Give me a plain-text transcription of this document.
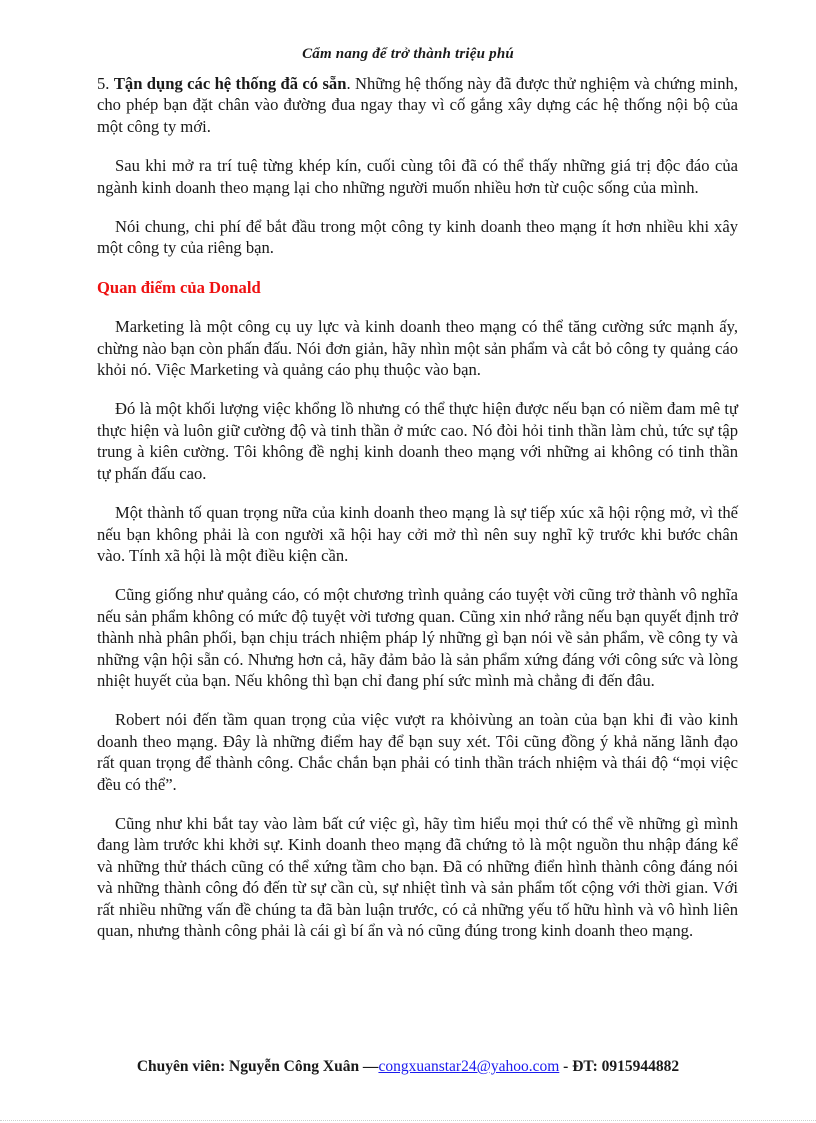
Cẩm nang để trở thành triệu phú

5. Tận dụng các hệ thống đã có sẵn. Những hệ thống này đã được thử nghiệm và chứng minh, cho phép bạn đặt chân vào đường đua ngay thay vì cố gắng xây dựng các hệ thống nội bộ của một công ty mới.

Sau khi mở ra trí tuệ từng khép kín, cuối cùng tôi đã có thể thấy những giá trị độc đáo của ngành kinh doanh theo mạng lại cho những người muốn nhiều hơn từ cuộc sống của mình.

Nói chung, chi phí để bắt đầu trong một công ty kinh doanh theo mạng ít hơn nhiều khi xây một công ty của riêng bạn.

Quan điểm của Donald

Marketing là một công cụ uy lực và kinh doanh theo mạng có thể tăng cường sức mạnh ấy, chừng nào bạn còn phấn đấu. Nói đơn giản, hãy nhìn một sản phẩm và cắt bỏ công ty quảng cáo khỏi nó. Việc Marketing và quảng cáo phụ thuộc vào bạn.

Đó là một khối lượng việc khổng lồ nhưng có thể thực hiện được nếu bạn có niềm đam mê tự thực hiện và luôn giữ cường độ và tinh thần ở mức cao. Nó đòi hỏi tinh thần làm chủ, tức sự tập trung à kiên cường. Tôi không đề nghị kinh doanh theo mạng với những ai không có tinh thần tự phấn đấu cao.

Một thành tố quan trọng nữa của kinh doanh theo mạng là sự tiếp xúc xã hội rộng mở, vì thế nếu bạn không phải là con người xã hội hay cởi mở thì nên suy nghĩ kỹ trước khi bước chân vào. Tính xã hội là một điều kiện cần.

Cũng giống như quảng cáo, có một chương trình quảng cáo tuyệt vời cũng trở thành vô nghĩa nếu sản phẩm không có mức độ tuyệt vời tương quan. Cũng xin nhớ rằng nếu bạn quyết định trở thành nhà phân phối, bạn chịu trách nhiệm pháp lý những gì bạn nói về sản phẩm, về công ty và những vận hội sẵn có. Nhưng hơn cả, hãy đảm bảo là sản phẩm xứng đáng với công sức và lòng nhiệt huyết của bạn. Nếu không thì bạn chỉ đang phí sức mình mà chẳng đi đến đâu.

Robert nói đến tầm quan trọng của việc vượt ra khỏivùng an toàn của bạn khi đi vào kinh doanh theo mạng. Đây là những điểm hay để bạn suy xét. Tôi cũng đồng ý khả năng lãnh đạo rất quan trọng để thành công. Chắc chắn bạn phải có tinh thần trách nhiệm và thái độ “mọi việc đều có thể”.

Cũng như khi bắt tay vào làm bất cứ việc gì, hãy tìm hiểu mọi thứ có thể về những gì mình đang làm trước khi khởi sự. Kinh doanh theo mạng đã chứng tỏ là một nguồn thu nhập đáng kể và những thử thách cũng có thể xứng tầm cho bạn. Đã có những điển hình thành công đáng nói và những thành công đó đến từ sự cần cù, sự nhiệt tình và sản phẩm tốt cộng với thời gian. Với rất nhiều những vấn đề chúng ta đã bàn luận trước, có cả những yếu tố hữu hình và vô hình liên quan, nhưng thành công phải là cái gì bí ẩn và nó cũng đúng trong kinh doanh theo mạng.

Chuyên viên: Nguyễn Công Xuân —congxuanstar24@yahoo.com - ĐT: 0915944882
